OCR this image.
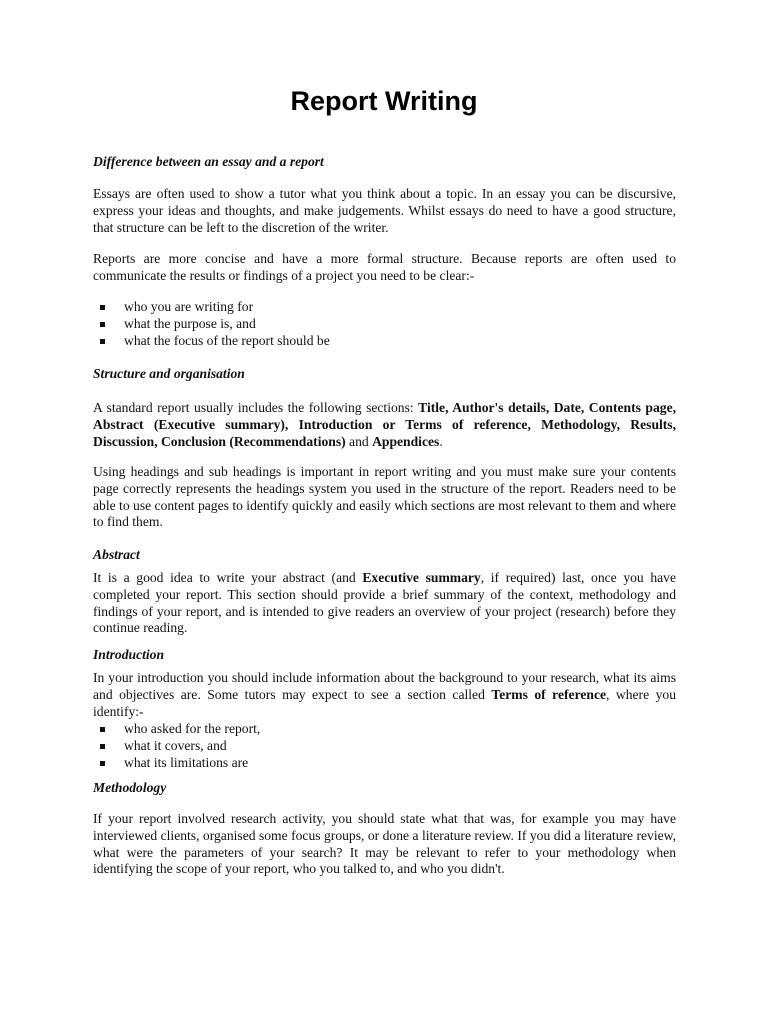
Report Writing

Difference between an essay and a report

Essays are often used to show a tutor what you think about a topic. In an essay you can be discursive, express your ideas and thoughts, and make judgements. Whilst essays do need to have a good structure, that structure can be left to the discretion of the writer.

Reports are more concise and have a more formal structure. Because reports are often used to communicate the results or findings of a project you need to be clear:-

who you are writing for
what the purpose is, and
what the focus of the report should be

Structure and organisation

A standard report usually includes the following sections: Title, Author's details, Date, Contents page, Abstract (Executive summary), Introduction or Terms of reference, Methodology, Results, Discussion, Conclusion (Recommendations) and Appendices.

Using headings and sub headings is important in report writing and you must make sure your contents page correctly represents the headings system you used in the structure of the report. Readers need to be able to use content pages to identify quickly and easily which sections are most relevant to them and where to find them.

Abstract

It is a good idea to write your abstract (and Executive summary, if required) last, once you have completed your report. This section should provide a brief summary of the context, methodology and findings of your report, and is intended to give readers an overview of your project (research) before they continue reading.

Introduction

In your introduction you should include information about the background to your research, what its aims and objectives are. Some tutors may expect to see a section called Terms of reference, where you identify:-

who asked for the report,
what it covers, and
what its limitations are

Methodology

If your report involved research activity, you should state what that was, for example you may have interviewed clients, organised some focus groups, or done a literature review. If you did a literature review, what were the parameters of your search? It may be relevant to refer to your methodology when identifying the scope of your report, who you talked to, and who you didn't.
